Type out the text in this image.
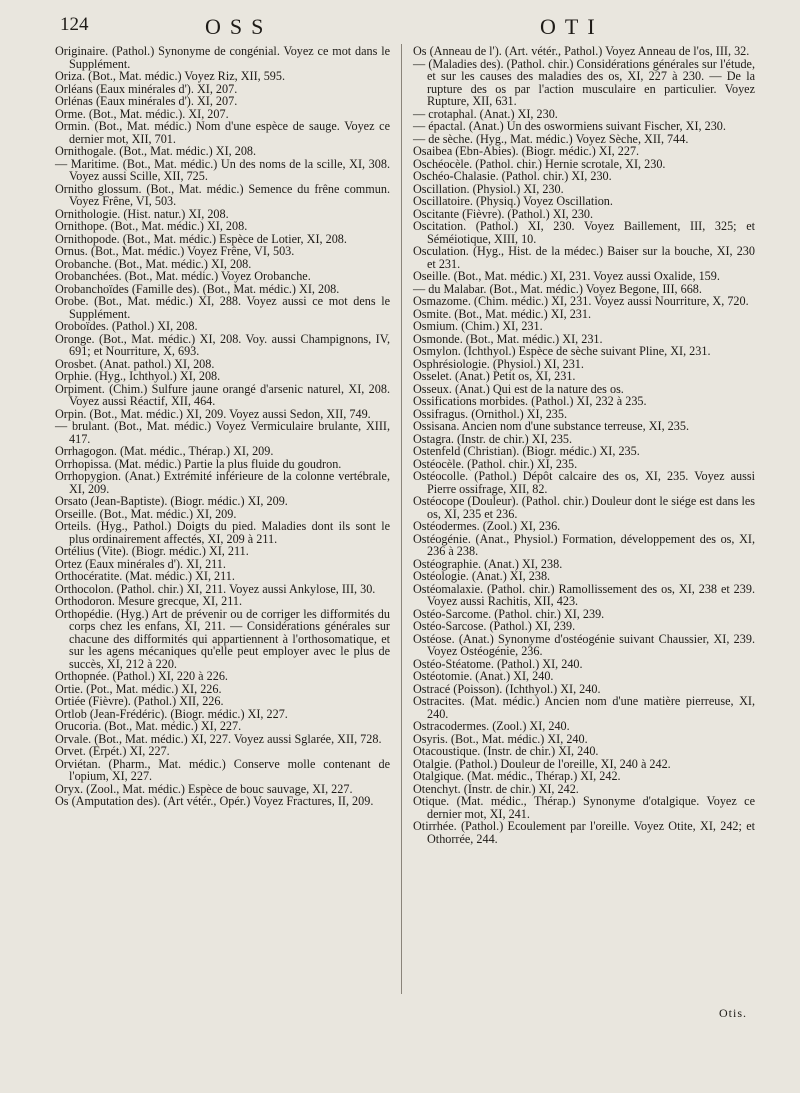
124	OSS	OTI

Originaire. (Pathol.) Synonyme de congénial. Voyez ce mot dans le Supplément.

Oriza. (Bot., Mat. médic.) Voyez Riz, XII, 595.

Orléans (Eaux minérales d'). XI, 207.

Orlénas (Eaux minérales d'). XI, 207.

Orme. (Bot., Mat. médic.). XI, 207.

Ormin. (Bot., Mat. médic.) Nom d'une espèce de sauge. Voyez ce dernier mot, XII, 701.

Ornithogale. (Bot., Mat. médic.) XI, 208.

— Maritime. (Bot., Mat. médic.) Un des noms de la scille, XI, 308. Voyez aussi Scille, XII, 725.

Ornitho glossum. (Bot., Mat. médic.) Semence du frêne commun. Voyez Frêne, VI, 503.

Ornithologie. (Hist. natur.) XI, 208.

Ornithope. (Bot., Mat. médic.) XI, 208.

Ornithopode. (Bot., Mat. médic.) Espèce de Lotier, XI, 208.

Ornus. (Bot., Mat. médic.) Voyez Frêne, VI, 503.

Orobanche. (Bot., Mat. médic.) XI, 208.

Orobanchées. (Bot., Mat. médic.) Voyez Orobanche.

Orobanchoïdes (Famille des). (Bot., Mat. médic.) XI, 208.

Orobe. (Bot., Mat. médic.) XI, 288. Voyez aussi ce mot dens le Supplément.

Oroboïdes. (Pathol.) XI, 208.

Oronge. (Bot., Mat. médic.) XI, 208. Voy. aussi Champignons, IV, 691; et Nourriture, X, 693.

Orosbet. (Anat. pathol.) XI, 208.

Orphie. (Hyg., Ichthyol.) XI, 208.

Orpiment. (Chim.) Sulfure jaune orangé d'arsenic naturel, XI, 208. Voyez aussi Réactif, XII, 464.

Orpin. (Bot., Mat. médic.) XI, 209. Voyez aussi Sedon, XII, 749.

— brulant. (Bot., Mat. médic.) Voyez Vermiculaire brulante, XIII, 417.

Orrhagogon. (Mat. médic., Thérap.) XI, 209.

Orrhopissa. (Mat. médic.) Partie la plus fluide du goudron.

Orrhopygion. (Anat.) Extrémité inférieure de la colonne vertébrale, XI, 209.

Orsato (Jean-Baptiste). (Biogr. médic.) XI, 209.

Orseille. (Bot., Mat. médic.) XI, 209.

Orteils. (Hyg., Pathol.) Doigts du pied. Maladies dont ils sont le plus ordinairement affectés, XI, 209 à 211.

Ortélius (Vite). (Biogr. médic.) XI, 211.

Ortez (Eaux minérales d'). XI, 211.

Orthocératite. (Mat. médic.) XI, 211.

Orthocolon. (Pathol. chir.) XI, 211. Voyez aussi Ankylose, III, 30.

Orthodoron. Mesure grecque, XI, 211.

Orthopédie. (Hyg.) Art de prévenir ou de corriger les difformités du corps chez les enfans, XI, 211. — Considérations générales sur chacune des difformités qui appartiennent à l'orthosomatique, et sur les agens mécaniques qu'elle peut employer avec le plus de succès, XI, 212 à 220.

Orthopnée. (Pathol.) XI, 220 à 226.

Ortie. (Pot., Mat. médic.) XI, 226.

Ortiée (Fièvre). (Pathol.) XII, 226.

Ortlob (Jean-Frédéric). (Biogr. médic.) XI, 227.

Orucoria. (Bot., Mat. médic.) XI, 227.

Orvale. (Bot., Mat. médic.) XI, 227. Voyez aussi Sglarée, XII, 728.

Orvet. (Erpét.) XI, 227.

Orviétan. (Pharm., Mat. médic.) Conserve molle contenant de l'opium, XI, 227.

Oryx. (Zool., Mat. médic.) Espèce de bouc sauvage, XI, 227.

Os (Amputation des). (Art vétér., Opér.) Voyez Fractures, II, 209.

Os (Anneau de l'). (Art. vétér., Pathol.) Voyez Anneau de l'os, III, 32.

— (Maladies des). (Pathol. chir.) Considérations générales sur l'étude, et sur les causes des maladies des os, XI, 227 à 230. — De la rupture des os par l'action musculaire en particulier. Voyez Rupture, XII, 631.

— crotaphal. (Anat.) XI, 230.

— épactal. (Anat.) Un des oswormiens suivant Fischer, XI, 230.

— de sèche. (Hyg., Mat. médic.) Voyez Sèche, XII, 744.

Osaibea (Ebn-Abies). (Biogr. médic.) XI, 227.

Oschéocèle. (Pathol. chir.) Hernie scrotale, XI, 230.

Oschéo-Chalasie. (Pathol. chir.) XI, 230.

Oscillation. (Physiol.) XI, 230.

Oscillatoire. (Physiq.) Voyez Oscillation.

Oscitante (Fièvre). (Pathol.) XI, 230.

Oscitation. (Pathol.) XI, 230. Voyez Baillement, III, 325; et Séméiotique, XIII, 10.

Osculation. (Hyg., Hist. de la médec.) Baiser sur la bouche, XI, 230 et 231.

Oseille. (Bot., Mat. médic.) XI, 231. Voyez aussi Oxalide, 159.

— du Malabar. (Bot., Mat. médic.) Voyez Begone, III, 668.

Osmazome. (Chim. médic.) XI, 231. Voyez aussi Nourriture, X, 720.

Osmite. (Bot., Mat. médic.) XI, 231.

Osmium. (Chim.) XI, 231.

Osmonde. (Bot., Mat. médic.) XI, 231.

Osmylon. (Ichthyol.) Espèce de sèche suivant Pline, XI, 231.

Osphrésiologie. (Physiol.) XI, 231.

Osselet. (Anat.) Petit os, XI, 231.

Osseux. (Anat.) Qui est de la nature des os.

Ossifications morbides. (Pathol.) XI, 232 à 235.

Ossifragus. (Ornithol.) XI, 235.

Ossisana. Ancien nom d'une substance terreuse, XI, 235.

Ostagra. (Instr. de chir.) XI, 235.

Ostenfeld (Christian). (Biogr. médic.) XI, 235.

Ostéocèle. (Pathol. chir.) XI, 235.

Ostéocolle. (Pathol.) Dépôt calcaire des os, XI, 235. Voyez aussi Pierre ossifrage, XII, 82.

Ostéocope (Douleur). (Pathol. chir.) Douleur dont le siége est dans les os, XI, 235 et 236.

Ostéodermes. (Zool.) XI, 236.

Ostéogénie. (Anat., Physiol.) Formation, développement des os, XI, 236 à 238.

Ostéographie. (Anat.) XI, 238.

Ostéologie. (Anat.) XI, 238.

Ostéomalaxie. (Pathol. chir.) Ramollissement des os, XI, 238 et 239. Voyez aussi Rachitis, XII, 423.

Ostéo-Sarcome. (Pathol. chir.) XI, 239.

Ostéo-Sarcose. (Pathol.) XI, 239.

Ostéose. (Anat.) Synonyme d'ostéogénie suivant Chaussier, XI, 239. Voyez Ostéogénie, 236.

Ostéo-Stéatome. (Pathol.) XI, 240.

Ostéotomie. (Anat.) XI, 240.

Ostracé (Poisson). (Ichthyol.) XI, 240.

Ostracites. (Mat. médic.) Ancien nom d'une matière pierreuse, XI, 240.

Ostracodermes. (Zool.) XI, 240.

Osyris. (Bot., Mat. médic.) XI, 240.

Otacoustique. (Instr. de chir.) XI, 240.

Otalgie. (Pathol.) Douleur de l'oreille, XI, 240 à 242.

Otalgique. (Mat. médic., Thérap.) XI, 242.

Otenchyt. (Instr. de chir.) XI, 242.

Otique. (Mat. médic., Thérap.) Synonyme d'otalgique. Voyez ce dernier mot, XI, 241.

Otirrhée. (Pathol.) Ecoulement par l'oreille. Voyez Otite, XI, 242; et Othorrée, 244.

Otis.
